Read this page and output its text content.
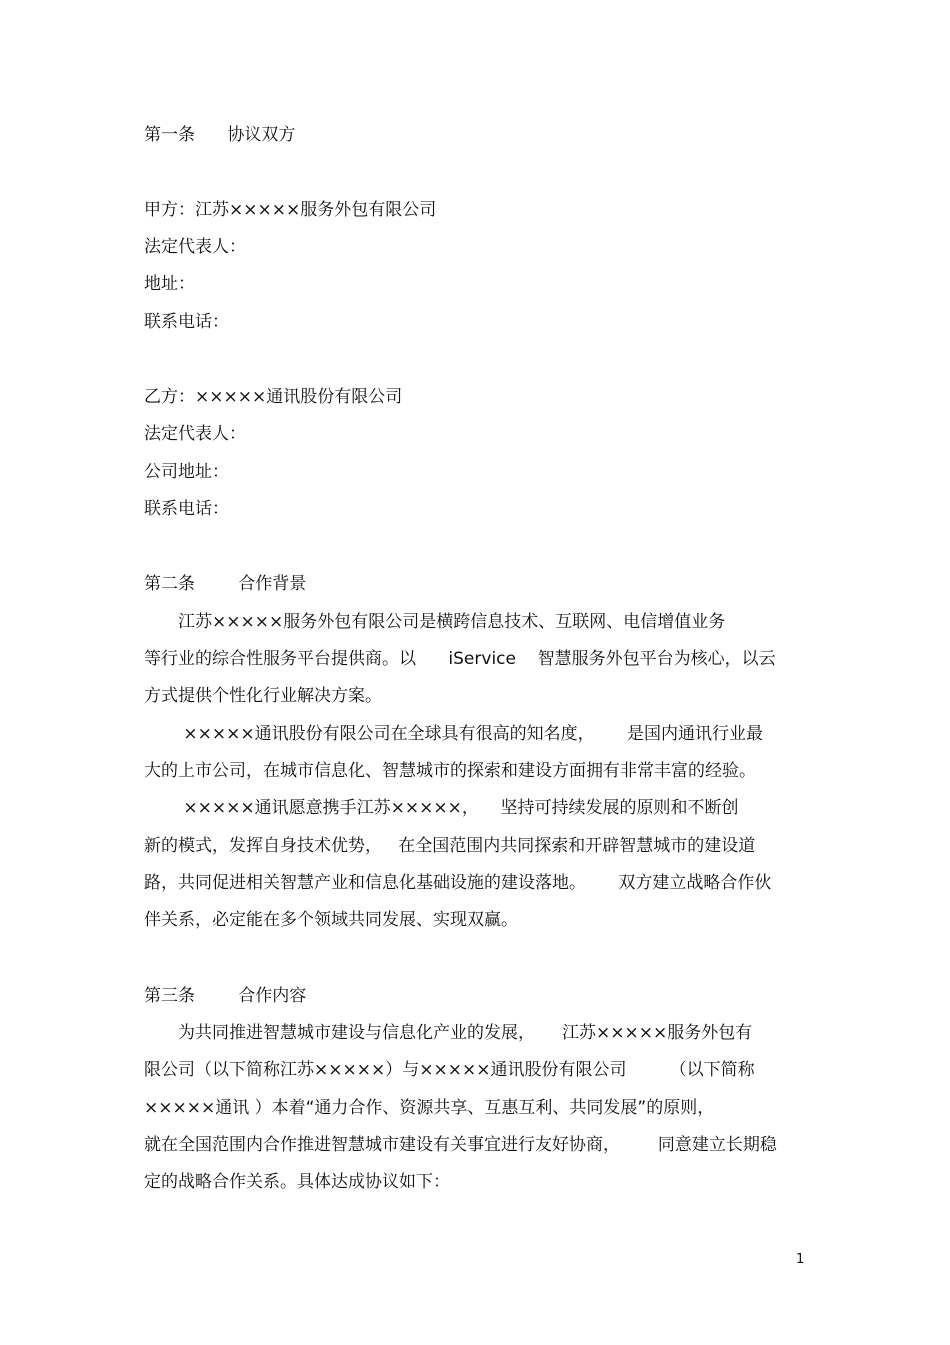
第一条      协议双方
甲方：江苏×××××服务外包有限公司
法定代表人：
地址：
联系电话：
乙方：×××××通讯股份有限公司
法定代表人：
公司地址：
联系电话：
第二条        合作背景
江苏×××××服务外包有限公司是横跨信息技术、互联网、电信增值业务
等行业的综合性服务平台提供商。以      iService    智慧服务外包平台为核心，以云
方式提供个性化行业解决方案。
×××××通讯股份有限公司在全球具有很高的知名度，      是国内通讯行业最
大的上市公司，在城市信息化、智慧城市的探索和建设方面拥有非常丰富的经验。
×××××通讯愿意携手江苏×××××，    坚持可持续发展的原则和不断创
新的模式，发挥自身技术优势，   在全国范围内共同探索和开辟智慧城市的建设道
路，共同促进相关智慧产业和信息化基础设施的建设落地。      双方建立战略合作伙
伴关系，必定能在多个领域共同发展、实现双赢。
第三条        合作内容
为共同推进智慧城市建设与信息化产业的发展，     江苏×××××服务外包有
限公司（以下简称江苏×××××）与×××××通讯股份有限公司        （以下简称
×××××通讯 ）本着“通力合作、资源共享、互惠互利、共同发展”的原则，
就在全国范围内合作推进智慧城市建设有关事宜进行友好协商，       同意建立长期稳
定的战略合作关系。具体达成协议如下：
1
